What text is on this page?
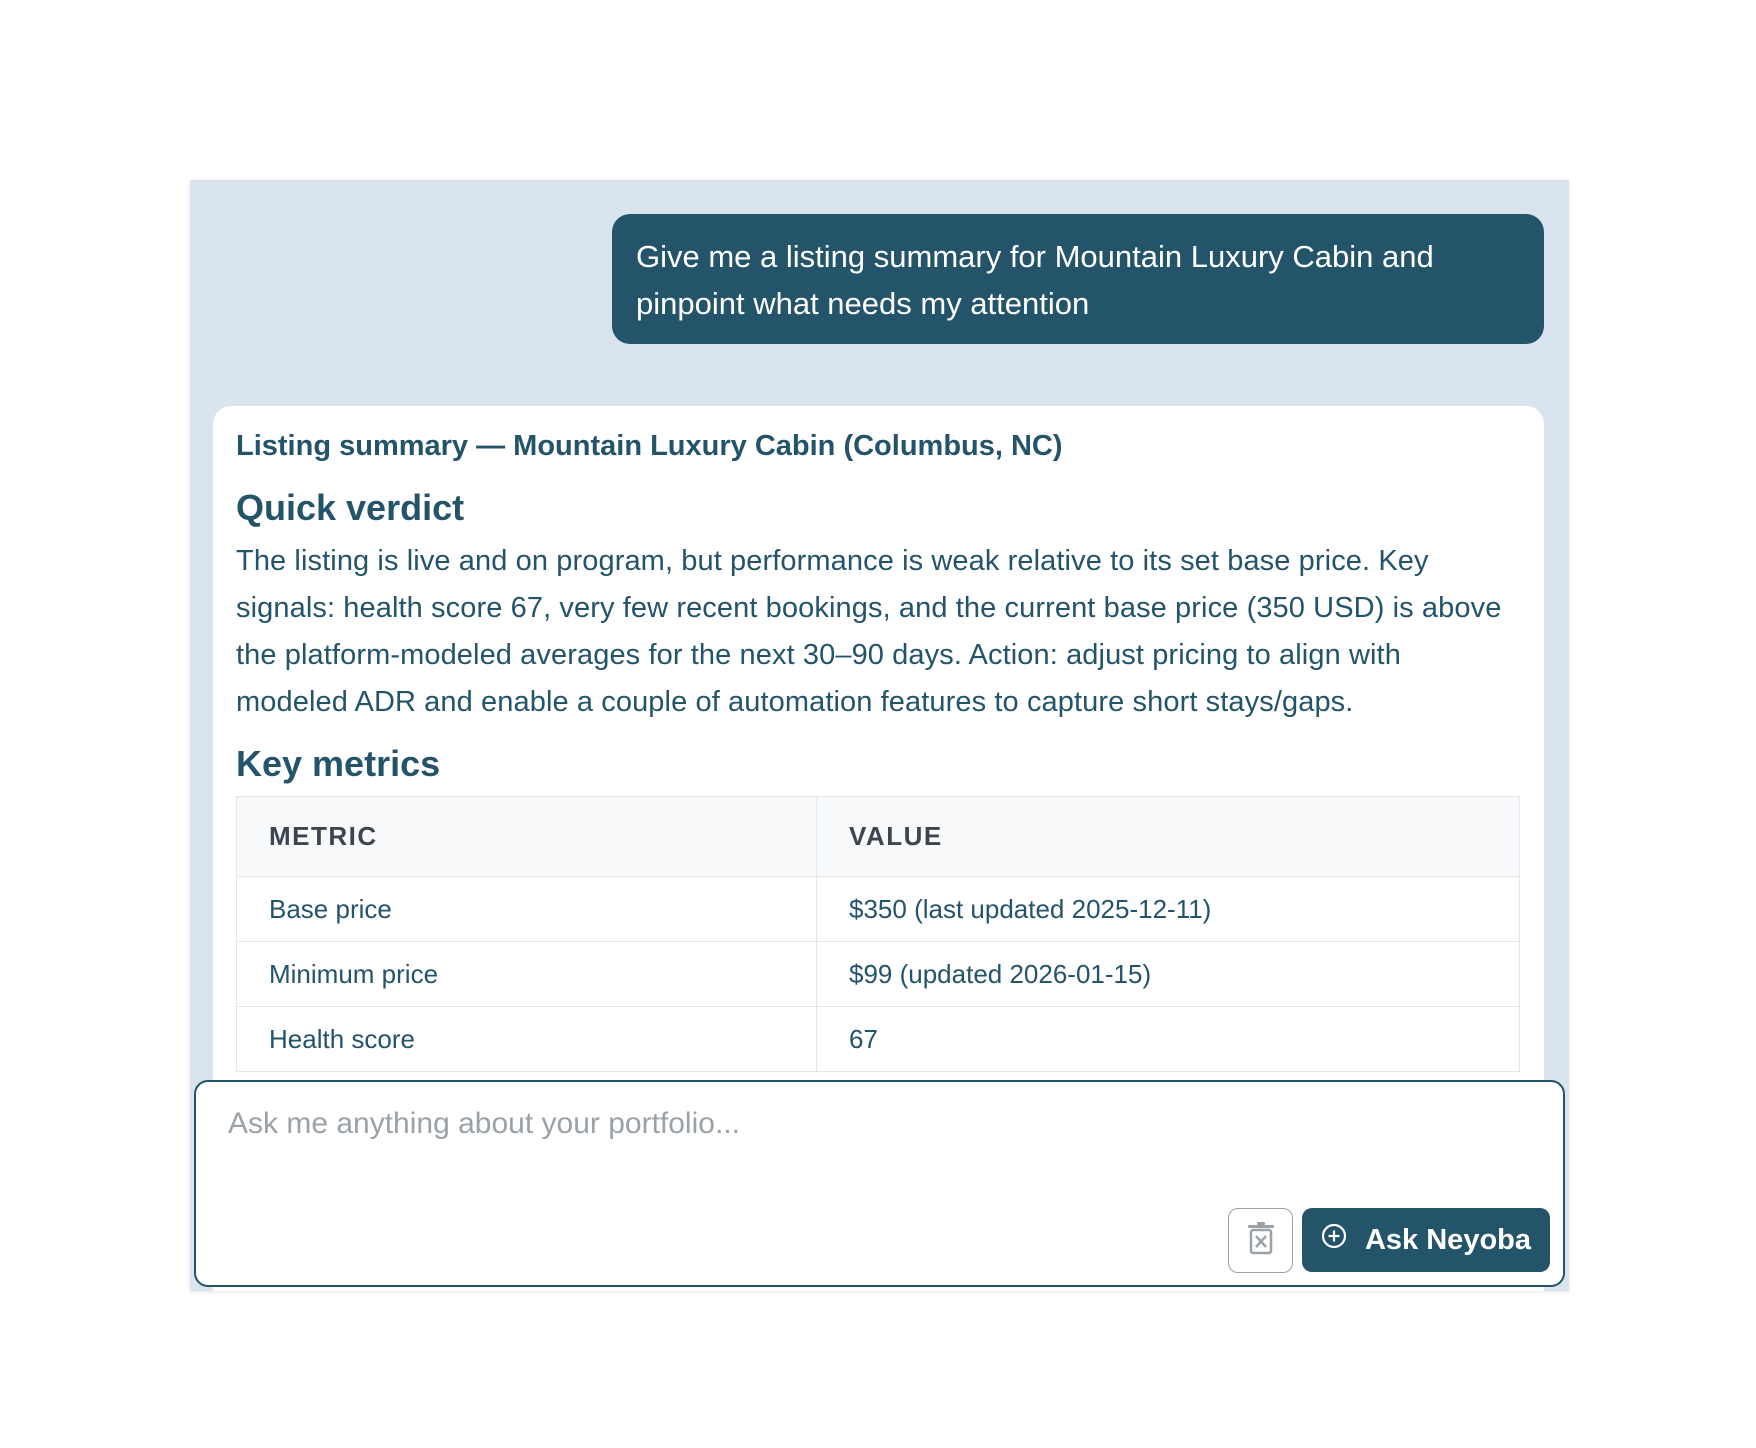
Give me a listing summary for Mountain Luxury Cabin and pinpoint what needs my attention
Listing summary — Mountain Luxury Cabin (Columbus, NC)
Quick verdict
The listing is live and on program, but performance is weak relative to its set base price. Key signals: health score 67, very few recent bookings, and the current base price (350 USD) is above the platform-modeled averages for the next 30–90 days. Action: adjust pricing to align with modeled ADR and enable a couple of automation features to capture short stays/gaps.
Key metrics
METRIC	VALUE
Base price	$350 (last updated 2025-12-11)
Minimum price	$99 (updated 2026-01-15)
Health score	67
Ask me anything about your portfolio...
Ask Neyoba
